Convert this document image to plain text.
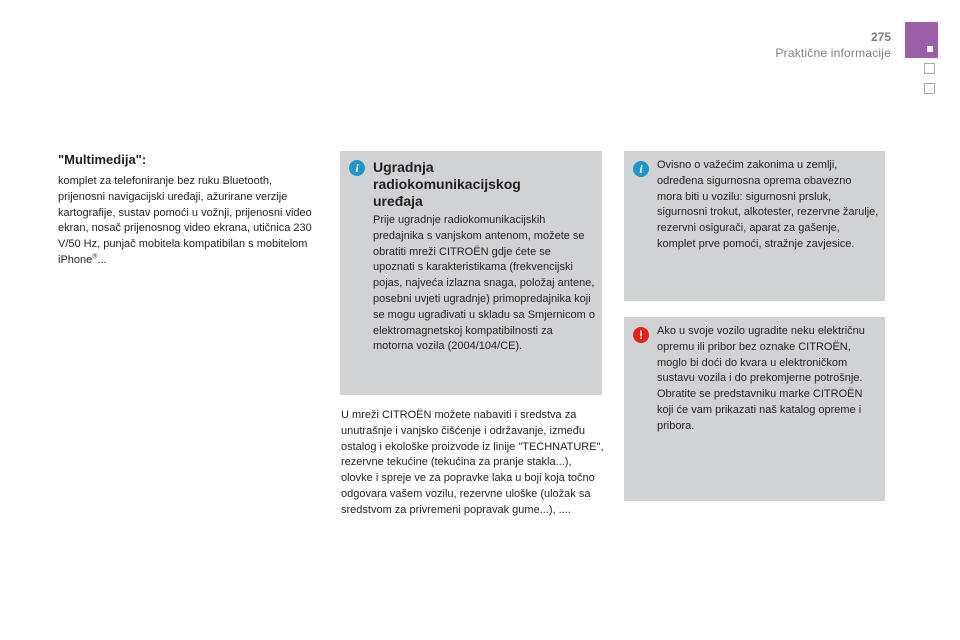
275
Praktične informacije
"Multimedija":

komplet za telefoniranje bez ruku Bluetooth, prijenosni navigacijski uređaji, ažurirane verzije kartografije, sustav pomoći u vožnji, prijenosni video ekran, nosač prijenosnog video ekrana, utičnica 230 V/50 Hz, punjač mobitela kompatibilan s mobitelom iPhone®...

i	Ugradnja radiokomunikacijskog uređaja

Prije ugradnje radiokomunikacijskih predajnika s vanjskom antenom, možete se obratiti mreži CITROËN gdje ćete se upoznati s karakteristikama (frekvencijski pojas, najveća izlazna snaga, položaj antene, posebni uvjeti ugradnje) primopredajnika koji se mogu ugrađivati u skladu sa Smjernicom o elektromagnetskoj kompatibilnosti za motorna vozila (2004/104/CE).

U mreži CITROËN možete nabaviti i sredstva za unutrašnje i vanjsko čišćenje i održavanje, između ostalog i ekološke proizvode iz linije "TECHNATURE", rezervne tekućine (tekućina za pranje stakla...), olovke i spreje ve za popravke laka u boji koja točno odgovara vašem vozilu, rezervne uloške (uložak sa sredstvom za privremeni popravak gume...), ....

i	Ovisno o važećim zakonima u zemlji, određena sigurnosna oprema obavezno mora biti u vozilu: sigurnosni prsluk, sigurnosni trokut, alkotester, rezervne žarulje, rezervni osigurači, aparat za gašenje, komplet prve pomoći, stražnje zavjesice.

!	Ako u svoje vozilo ugradite neku električnu opremu ili pribor bez oznake CITROËN, moglo bi doći do kvara u elektroničkom sustavu vozila i do prekomjerne potrošnje. Obratite se predstavniku marke CITROËN koji će vam prikazati naš katalog opreme i pribora.
